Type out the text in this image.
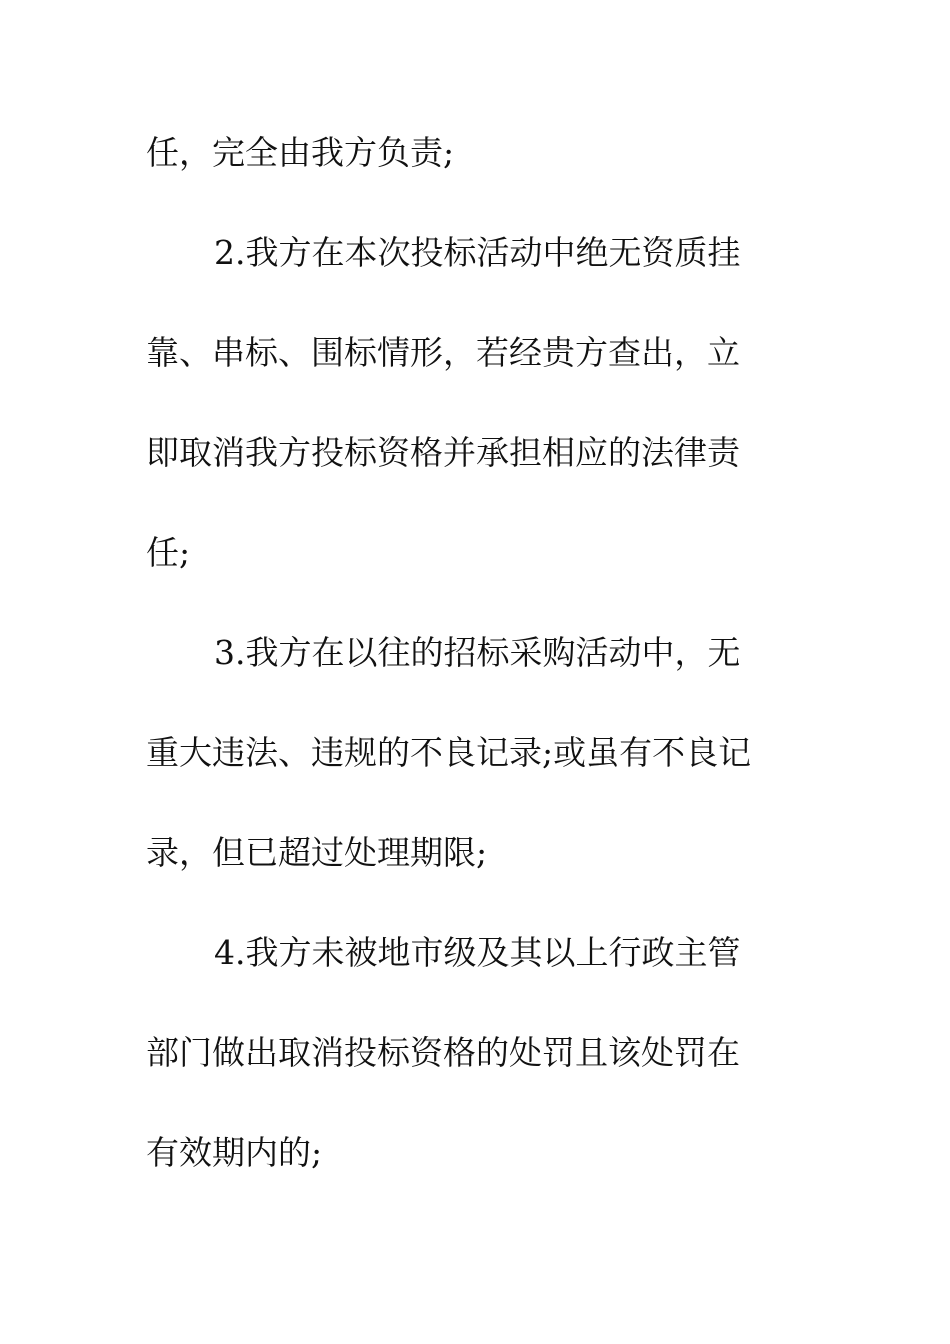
任，完全由我方负责;
2.我方在本次投标活动中绝无资质挂
靠、串标、围标情形，若经贵方查出，立
即取消我方投标资格并承担相应的法律责
任;
3.我方在以往的招标采购活动中，无
重大违法、违规的不良记录;或虽有不良记
录，但已超过处理期限;
4.我方未被地市级及其以上行政主管
部门做出取消投标资格的处罚且该处罚在
有效期内的;
